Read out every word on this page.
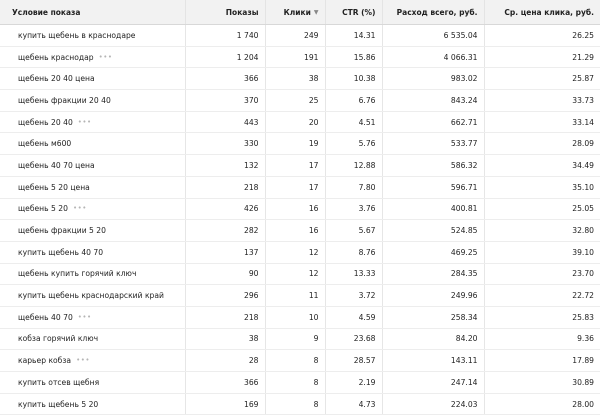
Условие показа	Показы	Клики ▼	CTR (%)	Расход всего, руб.	Ср. цена клика, руб.
купить щебень в краснодаре	1 740	249	14.31	6 535.04	26.25
щебень краснодар •••	1 204	191	15.86	4 066.31	21.29
щебень 20 40 цена	366	38	10.38	983.02	25.87
щебень фракции 20 40	370	25	6.76	843.24	33.73
щебень 20 40 •••	443	20	4.51	662.71	33.14
щебень м600	330	19	5.76	533.77	28.09
щебень 40 70 цена	132	17	12.88	586.32	34.49
щебень 5 20 цена	218	17	7.80	596.71	35.10
щебень 5 20 •••	426	16	3.76	400.81	25.05
щебень фракции 5 20	282	16	5.67	524.85	32.80
купить щебень 40 70	137	12	8.76	469.25	39.10
щебень купить горячий ключ	90	12	13.33	284.35	23.70
купить щебень краснодарский край	296	11	3.72	249.96	22.72
щебень 40 70 •••	218	10	4.59	258.34	25.83
кобза горячий ключ	38	9	23.68	84.20	9.36
карьер кобза •••	28	8	28.57	143.11	17.89
купить отсев щебня	366	8	2.19	247.14	30.89
купить щебень 5 20	169	8	4.73	224.03	28.00
